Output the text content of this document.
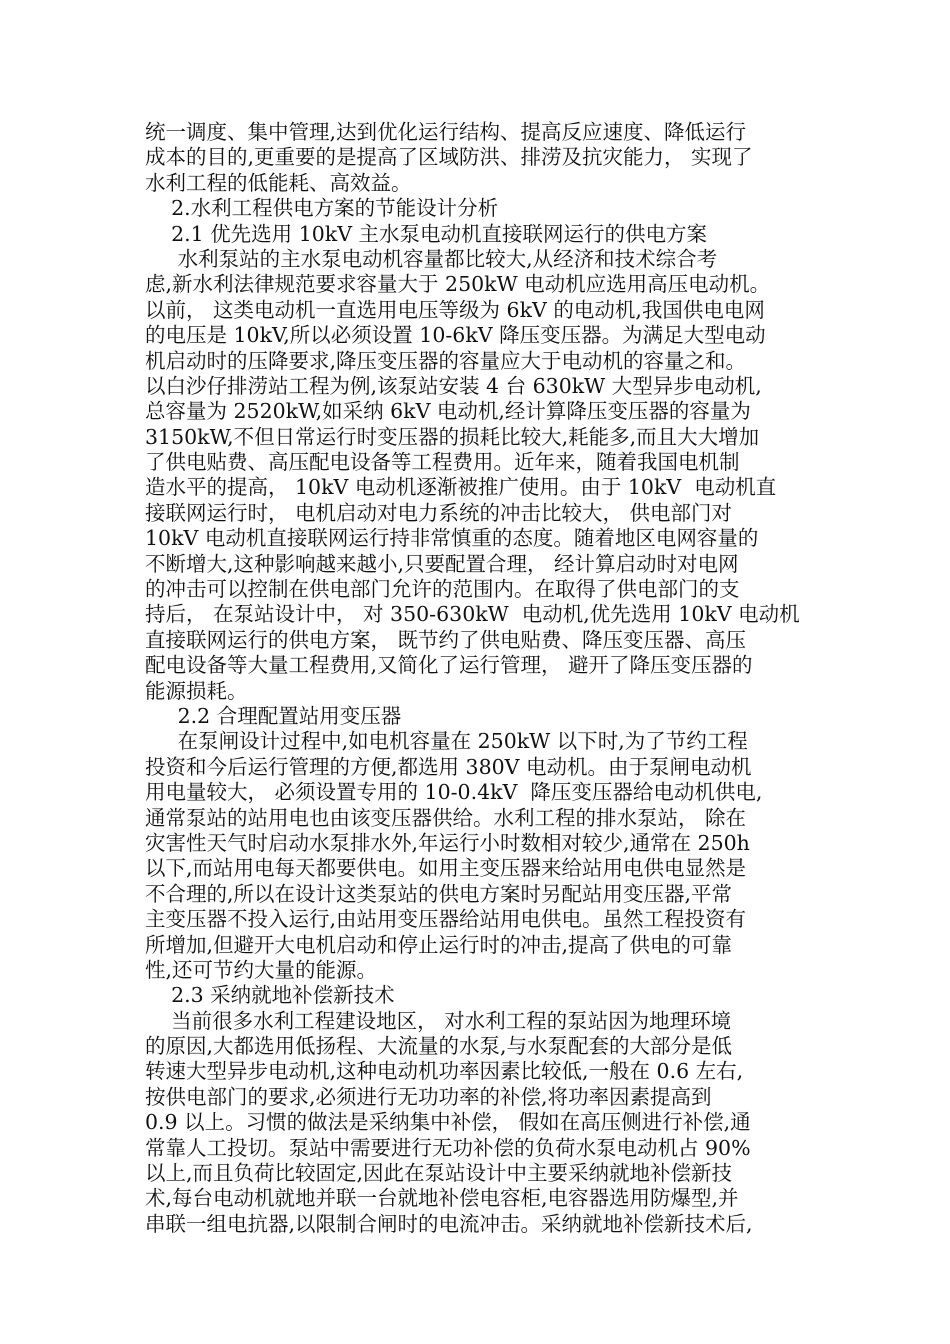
统一调度、集中管理,达到优化运行结构、提高反应速度、降低运行
成本的目的,更重要的是提高了区域防洪、排涝及抗灾能力， 实现了
水利工程的低能耗、高效益。
2.水利工程供电方案的节能设计分析
2.1 优先选用 10kV 主水泵电动机直接联网运行的供电方案
水利泵站的主水泵电动机容量都比较大,从经济和技术综合考
虑,新水利法律规范要求容量大于 250kW 电动机应选用高压电动机。
以前， 这类电动机一直选用电压等级为 6kV 的电动机,我国供电电网
的电压是 10kV,所以必须设置 10-6kV 降压变压器。为满足大型电动
机启动时的压降要求,降压变压器的容量应大于电动机的容量之和。
以白沙仔排涝站工程为例,该泵站安装 4 台 630kW 大型异步电动机,
总容量为 2520kW,如采纳 6kV 电动机,经计算降压变压器的容量为
3150kW,不但日常运行时变压器的损耗比较大,耗能多,而且大大增加
了供电贴费、高压配电设备等工程费用。近年来，随着我国电机制
造水平的提高， 10kV 电动机逐渐被推广使用。由于 10kV  电动机直
接联网运行时， 电机启动对电力系统的冲击比较大， 供电部门对
10kV 电动机直接联网运行持非常慎重的态度。随着地区电网容量的
不断增大,这种影响越来越小,只要配置合理， 经计算启动时对电网
的冲击可以控制在供电部门允许的范围内。在取得了供电部门的支
持后， 在泵站设计中， 对 350-630kW  电动机,优先选用 10kV 电动机
直接联网运行的供电方案， 既节约了供电贴费、降压变压器、高压
配电设备等大量工程费用,又简化了运行管理， 避开了降压变压器的
能源损耗。
2.2 合理配置站用变压器
在泵闸设计过程中,如电机容量在 250kW 以下时,为了节约工程
投资和今后运行管理的方便,都选用 380V 电动机。由于泵闸电动机
用电量较大， 必须设置专用的 10-0.4kV  降压变压器给电动机供电,
通常泵站的站用电也由该变压器供给。水利工程的排水泵站， 除在
灾害性天气时启动水泵排水外,年运行小时数相对较少,通常在 250h
以下,而站用电每天都要供电。如用主变压器来给站用电供电显然是
不合理的,所以在设计这类泵站的供电方案时另配站用变压器,平常
主变压器不投入运行,由站用变压器给站用电供电。虽然工程投资有
所增加,但避开大电机启动和停止运行时的冲击,提高了供电的可靠
性,还可节约大量的能源。
2.3 采纳就地补偿新技术
当前很多水利工程建设地区， 对水利工程的泵站因为地理环境
的原因,大都选用低扬程、大流量的水泵,与水泵配套的大部分是低
转速大型异步电动机,这种电动机功率因素比较低,一般在 0.6 左右,
按供电部门的要求,必须进行无功功率的补偿,将功率因素提高到
0.9 以上。习惯的做法是采纳集中补偿， 假如在高压侧进行补偿,通
常靠人工投切。泵站中需要进行无功补偿的负荷水泵电动机占 90%
以上,而且负荷比较固定,因此在泵站设计中主要采纳就地补偿新技
术,每台电动机就地并联一台就地补偿电容柜,电容器选用防爆型,并
串联一组电抗器,以限制合闸时的电流冲击。采纳就地补偿新技术后,
